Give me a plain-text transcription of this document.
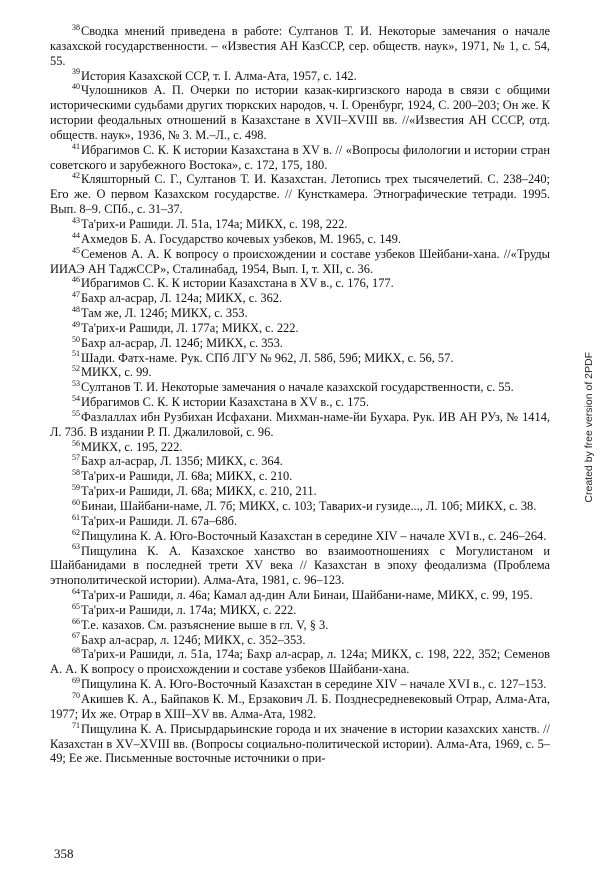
$^{38}$Сводка мнений приведена в работе: Султанов Т. И. Некоторые замечания о начале казахской государственности. – «Известия АН КазССР, сер. обществ. наук», 1971, № 1, с. 54, 55.

$^{39}$История Казахской ССР, т. I. Алма-Ата, 1957, с. 142.

$^{40}$Чулошников А. П. Очерки по истории казак-киргизского народа в связи с общими историческими судьбами других тюркских народов, ч. I. Оренбург, 1924, С. 200–203; Он же. К истории феодальных отношений в Казахстане в XVII–XVIII вв. //«Известия АН СССР, отд. обществ. наук», 1936, № 3. М.–Л., с. 498.

$^{41}$Ибрагимов С. К. К истории Казахстана в XV в. // «Вопросы филологии и истории стран советского и зарубежного Востока», с. 172, 175, 180.

$^{42}$Кляшторный С. Г., Султанов Т. И. Казахстан. Летопись трех тысячелетий. С. 238–240; Его же. О первом Казахском государстве. // Кунсткамера. Этнографические тетради. 1995. Вып. 8–9. СПб., с. 31–37.

$^{43}$Та'рих-и Рашиди. Л. 51а, 174а; МИКХ, с. 198, 222.

$^{44}$Ахмедов Б. А. Государство кочевых узбеков, М. 1965, с. 149.

$^{45}$Семенов А. А. К вопросу о происхождении и составе узбеков Шейбани-хана. //«Труды ИИАЭ АН ТаджССР», Сталинабад, 1954, Вып. I, т. XII, с. 36.

$^{46}$Ибрагимов С. К. К истории Казахстана в XV в., с. 176, 177.

$^{47}$Бахр ал-асрар, Л. 124а; МИКХ, с. 362.

$^{48}$Там же, Л. 124б; МИКХ, с. 353.

$^{49}$Та'рих-и Рашиди, Л. 177а; МИКХ, с. 222.

$^{50}$Бахр ал-асрар, Л. 124б; МИКХ, с. 353.

$^{51}$Шади. Фатх-наме. Рук. СПб ЛГУ № 962, Л. 58б, 59б; МИКХ, с. 56, 57.

$^{52}$МИКХ, с. 99.

$^{53}$Султанов Т. И. Некоторые замечания о начале казахской государственности, с. 55.

$^{54}$Ибрагимов С. К. К истории Казахстана в XV в., с. 175.

$^{55}$Фазлаллах ибн Рузбихан Исфахани. Михман-наме-йи Бухара. Рук. ИВ АН РУз, № 1414, Л. 73б. В издании Р. П. Джалиловой, с. 96.

$^{56}$МИКХ, с. 195, 222.

$^{57}$Бахр ал-асрар, Л. 135б; МИКХ, с. 364.

$^{58}$Та'рих-и Рашиди, Л. 68а; МИКХ, с. 210.

$^{59}$Та'рих-и Рашиди, Л. 68а; МИКХ, с. 210, 211.

$^{60}$Бинаи, Шайбани-наме, Л. 7б; МИКХ, с. 103; Таварих-и гузиде..., Л. 10б; МИКХ, с. 38.

$^{61}$Та'рих-и Рашиди. Л. 67а–68б.

$^{62}$Пищулина К. А. Юго-Восточный Казахстан в середине XIV – начале XVI в., с. 246–264.

$^{63}$Пищулина К. А. Казахское ханство во взаимоотношениях с Могулистаном и Шайбанидами в последней трети XV века // Казахстан в эпоху феодализма (Проблема этнополитической истории). Алма-Ата, 1981, с. 96–123.

$^{64}$Та'рих-и Рашиди, л. 46а; Камал ад-дин Али Бинаи, Шайбани-наме, МИКХ, с. 99, 195.

$^{65}$Та'рих-и Рашиди, л. 174а; МИКХ, с. 222.

$^{66}$Т.е. казахов. См. разъяснение выше в гл. V, § 3.

$^{67}$Бахр ал-асрар, л. 124б; МИКХ, с. 352–353.

$^{68}$Та'рих-и Рашиди, л. 51а, 174а; Бахр ал-асрар, л. 124а; МИКХ, с. 198, 222, 352; Семенов А. А. К вопросу о происхождении и составе узбеков Шайбани-хана.

$^{69}$Пищулина К. А. Юго-Восточный Казахстан в середине XIV – начале XVI в., с. 127–153.

$^{70}$Акишев К. А., Байпаков К. М., Ерзакович Л. Б. Позднесредневековый Отрар, Алма-Ата, 1977; Их же. Отрар в XIII–XV вв. Алма-Ата, 1982.

$^{71}$Пищулина К. А. Присырдарьинские города и их значение в истории казахских ханств. // Казахстан в XV–XVIII вв. (Вопросы социально-политической истории). Алма-Ата, 1969, с. 5–49; Ее же. Письменные восточные источники о при-

358
Created by free version of 2PDF
